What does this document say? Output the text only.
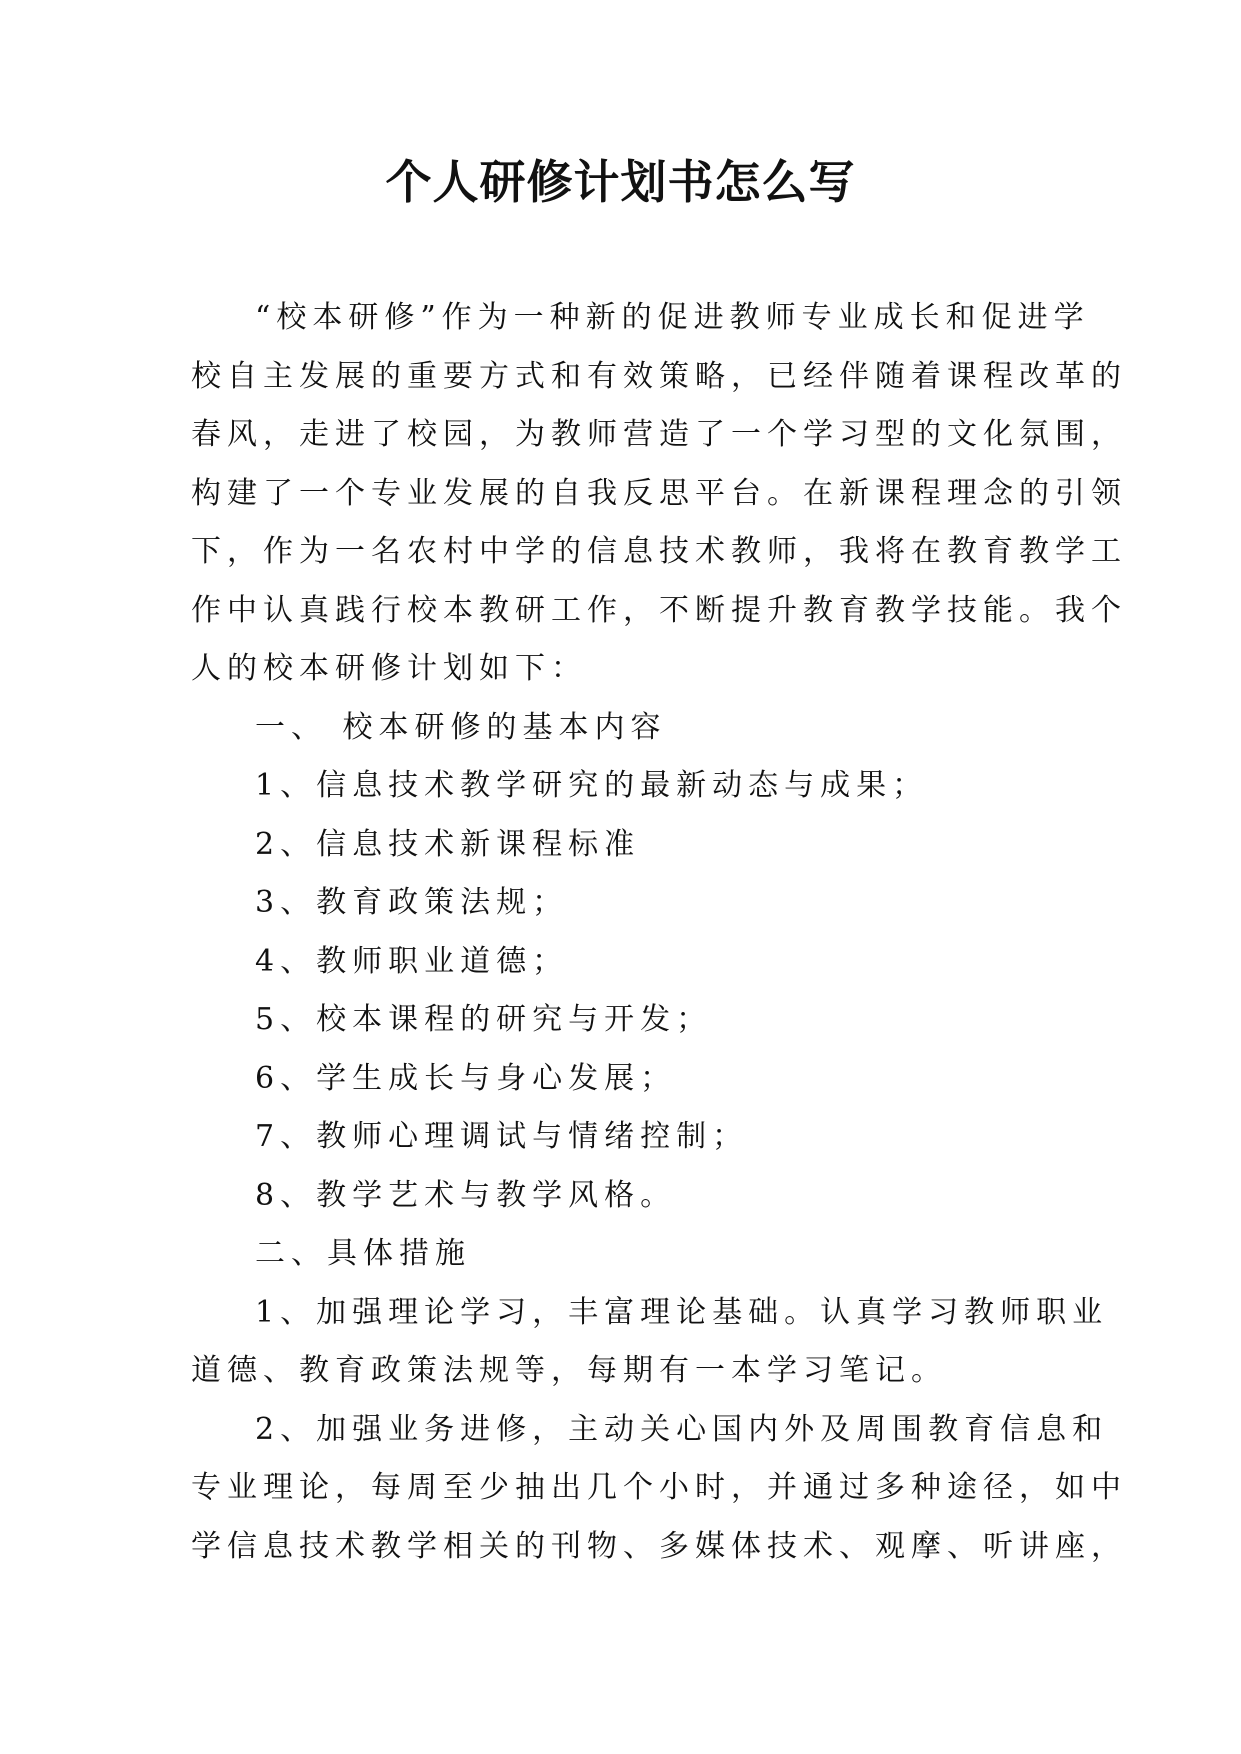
个人研修计划书怎么写

“校本研修”作为一种新的促进教师专业成长和促进学

校自主发展的重要方式和有效策略，已经伴随着课程改革的

春风，走进了校园，为教师营造了一个学习型的文化氛围，

构建了一个专业发展的自我反思平台。在新课程理念的引领

下，作为一名农村中学的信息技术教师，我将在教育教学工

作中认真践行校本教研工作，不断提升教育教学技能。我个

人的校本研修计划如下：

一、 校本研修的基本内容

1、信息技术教学研究的最新动态与成果；

2、信息技术新课程标准

3、教育政策法规；

4、教师职业道德；

5、校本课程的研究与开发；

6、学生成长与身心发展；

7、教师心理调试与情绪控制；

8、教学艺术与教学风格。

二、具体措施

1、加强理论学习，丰富理论基础。认真学习教师职业

道德、教育政策法规等，每期有一本学习笔记。

2、加强业务进修，主动关心国内外及周围教育信息和

专业理论，每周至少抽出几个小时，并通过多种途径，如中

学信息技术教学相关的刊物、多媒体技术、观摩、听讲座，
